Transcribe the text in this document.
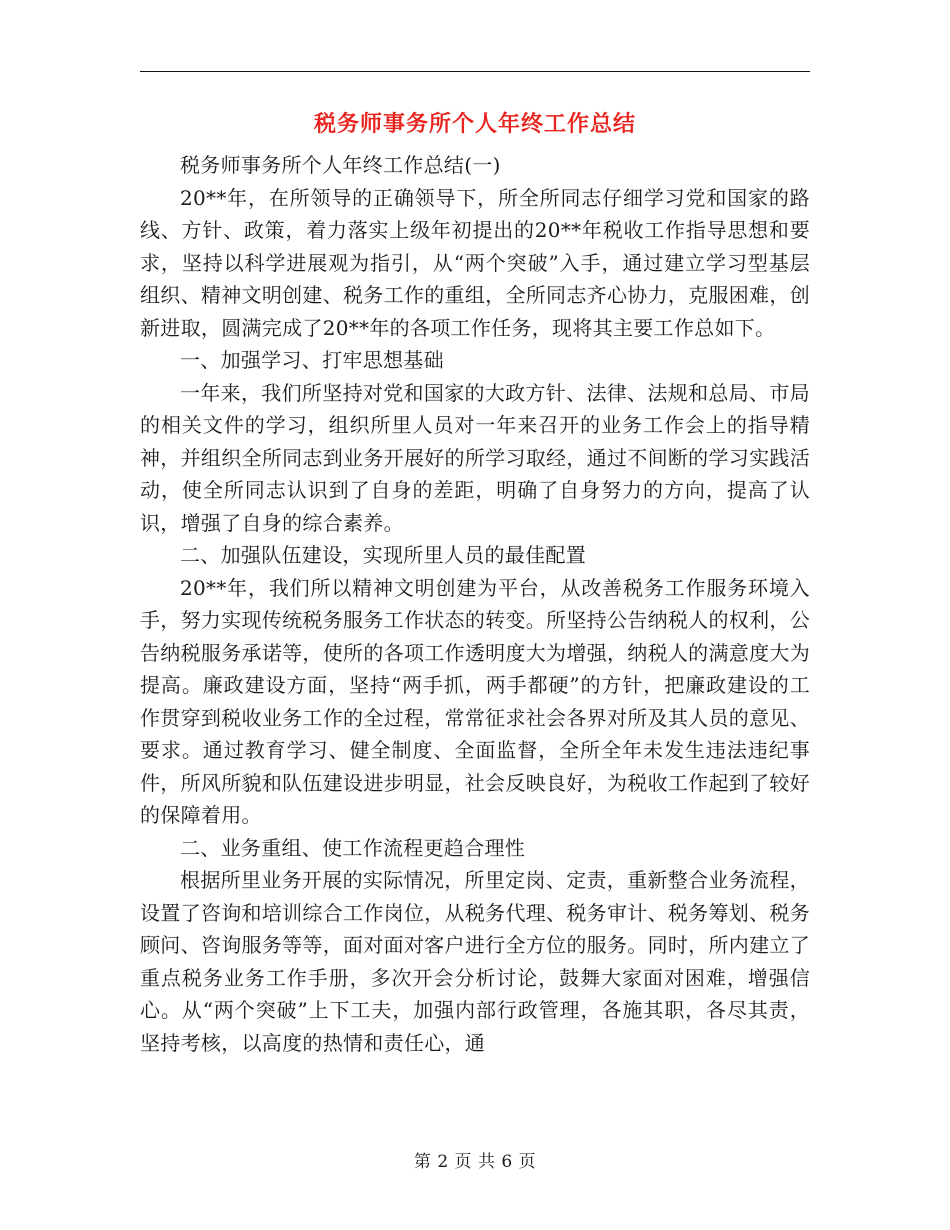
税务师事务所个人年终工作总结

税务师事务所个人年终工作总结(一)

20**年，在所领导的正确领导下，所全所同志仔细学习党和国家的路线、方针、政策，着力落实上级年初提出的20**年税收工作指导思想和要求，坚持以科学进展观为指引，从“两个突破”入手，通过建立学习型基层组织、精神文明创建、税务工作的重组，全所同志齐心协力，克服困难，创新进取，圆满完成了20**年的各项工作任务，现将其主要工作总如下。

一、加强学习、打牢思想基础

一年来，我们所坚持对党和国家的大政方针、法律、法规和总局、市局的相关文件的学习，组织所里人员对一年来召开的业务工作会上的指导精神，并组织全所同志到业务开展好的所学习取经，通过不间断的学习实践活动，使全所同志认识到了自身的差距，明确了自身努力的方向，提高了认识，增强了自身的综合素养。

二、加强队伍建设，实现所里人员的最佳配置

20**年，我们所以精神文明创建为平台，从改善税务工作服务环境入手，努力实现传统税务服务工作状态的转变。所坚持公告纳税人的权利，公告纳税服务承诺等，使所的各项工作透明度大为增强，纳税人的满意度大为提高。廉政建设方面，坚持“两手抓，两手都硬”的方针，把廉政建设的工作贯穿到税收业务工作的全过程，常常征求社会各界对所及其人员的意见、要求。通过教育学习、健全制度、全面监督，全所全年未发生违法违纪事件，所风所貌和队伍建设进步明显，社会反映良好，为税收工作起到了较好的保障着用。

二、业务重组、使工作流程更趋合理性

根据所里业务开展的实际情况，所里定岗、定责，重新整合业务流程，设置了咨询和培训综合工作岗位，从税务代理、税务审计、税务筹划、税务顾问、咨询服务等等，面对面对客户进行全方位的服务。同时，所内建立了重点税务业务工作手册，多次开会分析讨论，鼓舞大家面对困难，增强信心。从“两个突破”上下工夫，加强内部行政管理，各施其职，各尽其责，坚持考核，以高度的热情和责任心，通

第 2 页 共 6 页
